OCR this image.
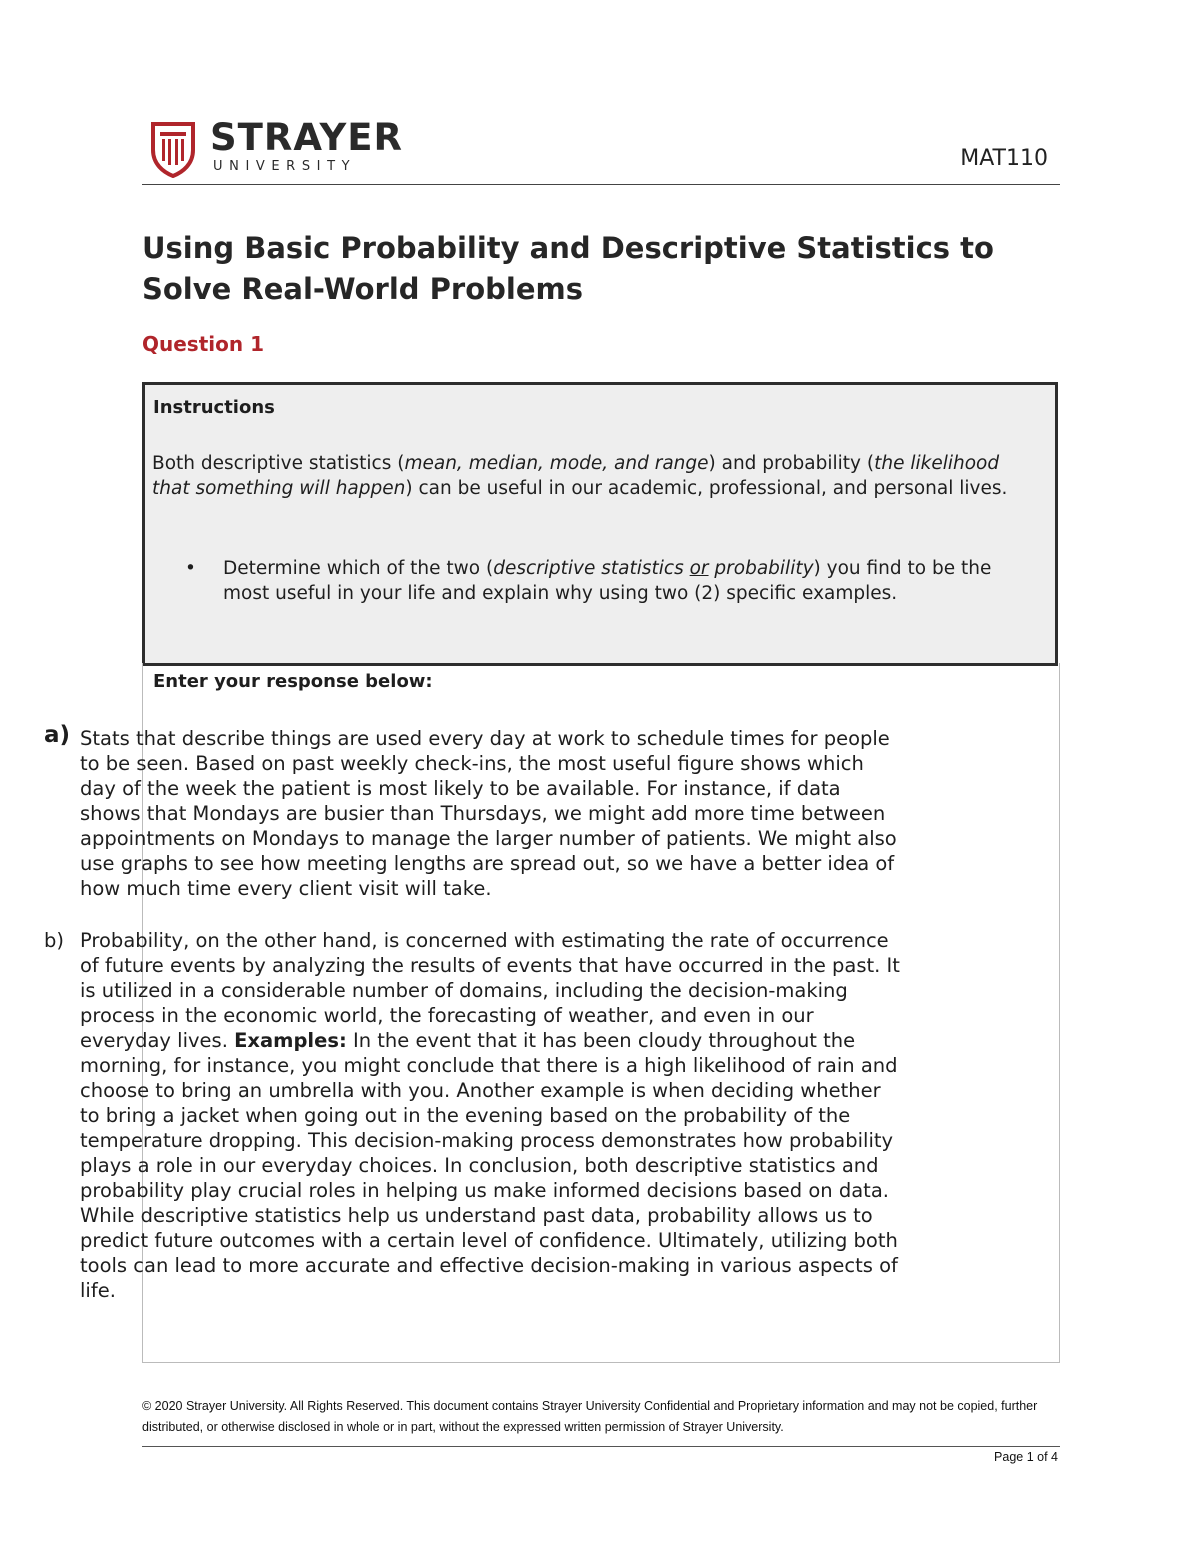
STRAYER
UNIVERSITY	MAT110
Using Basic Probability and Descriptive Statistics to Solve Real-World Problems
Question 1
Instructions

Both descriptive statistics (mean, median, mode, and range) and probability (the likelihood that something will happen) can be useful in our academic, professional, and personal lives.

• Determine which of the two (descriptive statistics or probability) you find to be the most useful in your life and explain why using two (2) specific examples.
Enter your response below:
a) Stats that describe things are used every day at work to schedule times for people to be seen. Based on past weekly check-ins, the most useful figure shows which day of the week the patient is most likely to be available. For instance, if data shows that Mondays are busier than Thursdays, we might add more time between appointments on Mondays to manage the larger number of patients. We might also use graphs to see how meeting lengths are spread out, so we have a better idea of how much time every client visit will take.
b) Probability, on the other hand, is concerned with estimating the rate of occurrence of future events by analyzing the results of events that have occurred in the past. It is utilized in a considerable number of domains, including the decision-making process in the economic world, the forecasting of weather, and even in our everyday lives. Examples: In the event that it has been cloudy throughout the morning, for instance, you might conclude that there is a high likelihood of rain and choose to bring an umbrella with you. Another example is when deciding whether to bring a jacket when going out in the evening based on the probability of the temperature dropping. This decision-making process demonstrates how probability plays a role in our everyday choices. In conclusion, both descriptive statistics and probability play crucial roles in helping us make informed decisions based on data. While descriptive statistics help us understand past data, probability allows us to predict future outcomes with a certain level of confidence. Ultimately, utilizing both tools can lead to more accurate and effective decision-making in various aspects of life.
© 2020 Strayer University. All Rights Reserved. This document contains Strayer University Confidential and Proprietary information and may not be copied, further distributed, or otherwise disclosed in whole or in part, without the expressed written permission of Strayer University.
Page 1 of 4
